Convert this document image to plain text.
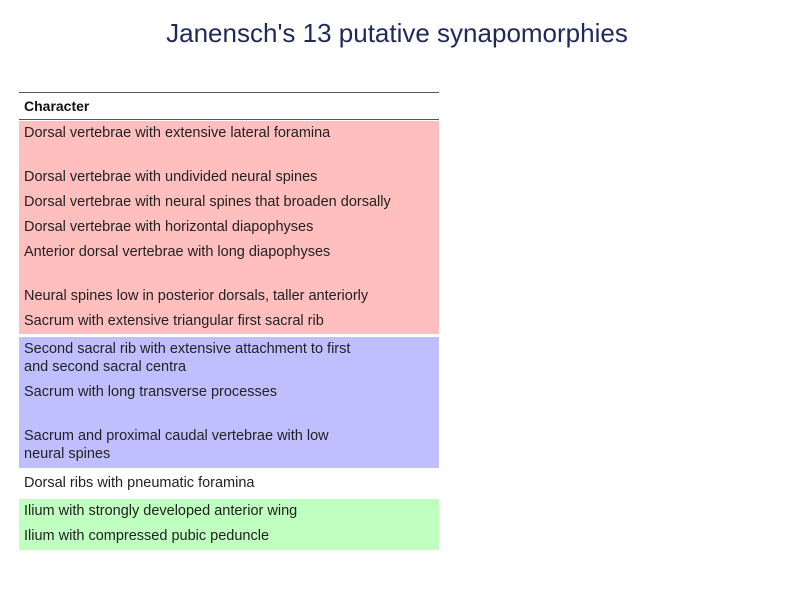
Janensch's 13 putative synapomorphies
Character
Dorsal vertebrae with extensive lateral foramina
Dorsal vertebrae with undivided neural spines
Dorsal vertebrae with neural spines that broaden dorsally
Dorsal vertebrae with horizontal diapophyses
Anterior dorsal vertebrae with long diapophyses
Neural spines low in posterior dorsals, taller anteriorly
Sacrum with extensive triangular first sacral rib
Second sacral rib with extensive attachment to first and second sacral centra
Sacrum with long transverse processes
Sacrum and proximal caudal vertebrae with low neural spines
Dorsal ribs with pneumatic foramina
Ilium with strongly developed anterior wing
Ilium with compressed pubic peduncle
